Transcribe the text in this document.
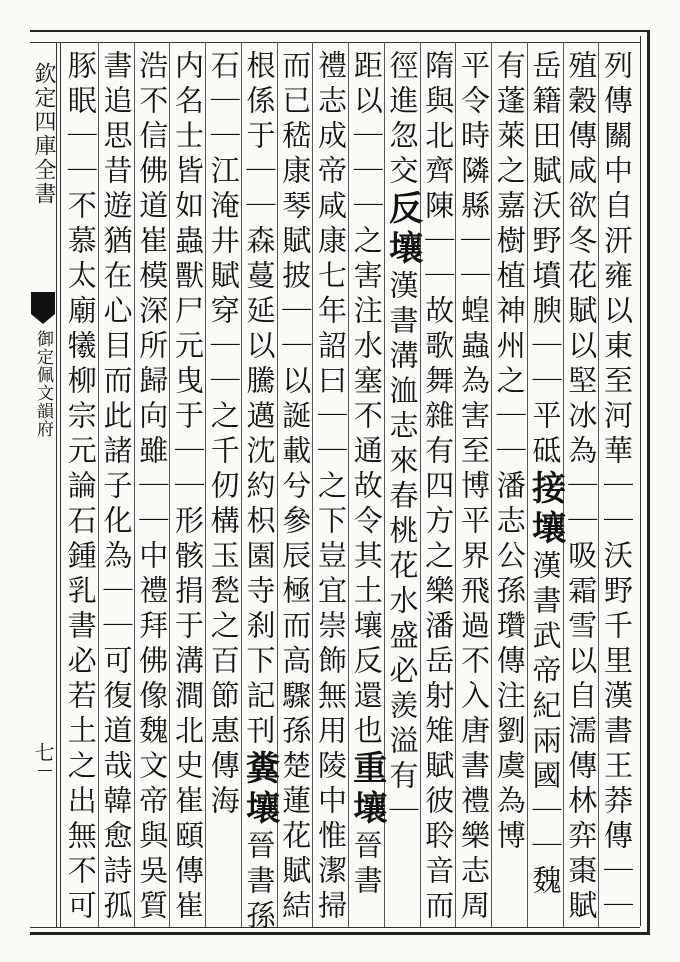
欽定四庫全書
御定佩文韻府
七	列傳關中自汧雍以東至河華｜｜沃野千里漢書王莽傳｜｜
殖穀傳咸欲冬花賦以堅冰為｜｜吸霜雪以自濡傳林弈棗賦
岳籍田賦沃野墳腴｜｜平砥接壤漢書武帝紀兩國｜｜魏
有蓬萊之嘉樹植神州之｜｜潘志公孫瓚傳注劉虞為博
平令時隣縣｜｜蝗蟲為害至博平界飛過不入唐書禮樂志周
隋與北齊陳｜｜故歌舞雜有四方之樂潘岳射雉賦彼聆音而
徑進忽交反壤漢書溝洫志來春桃花水盛必羨溢有｜
距以｜｜｜之害注水塞不通故令其土壤反還也重壤晉書
禮志成帝咸康七年詔曰｜｜之下豈宜崇飾無用陵中惟潔掃
而已嵇康琴賦披｜｜以誕載兮參辰極而高驟孫楚蓮花賦結
根係于｜｜森蔓延以騰邁沈約枳園寺刹下記刊糞壤晉書孫
石｜｜江淹井賦穿｜｜之千仞構玉甃之百節惠傳海
内名士皆如蟲獸尸元曳于｜｜形骸捐于溝澗北史崔頤傳崔
浩不信佛道崔模深所歸向雖｜｜中禮拜佛像魏文帝與吳質
書追思昔遊猶在心目而此諸子化為｜｜可復道哉韓愈詩孤
豚眠｜｜不慕太廟犧柳宗元論石鍾乳書必若土之出無不可
